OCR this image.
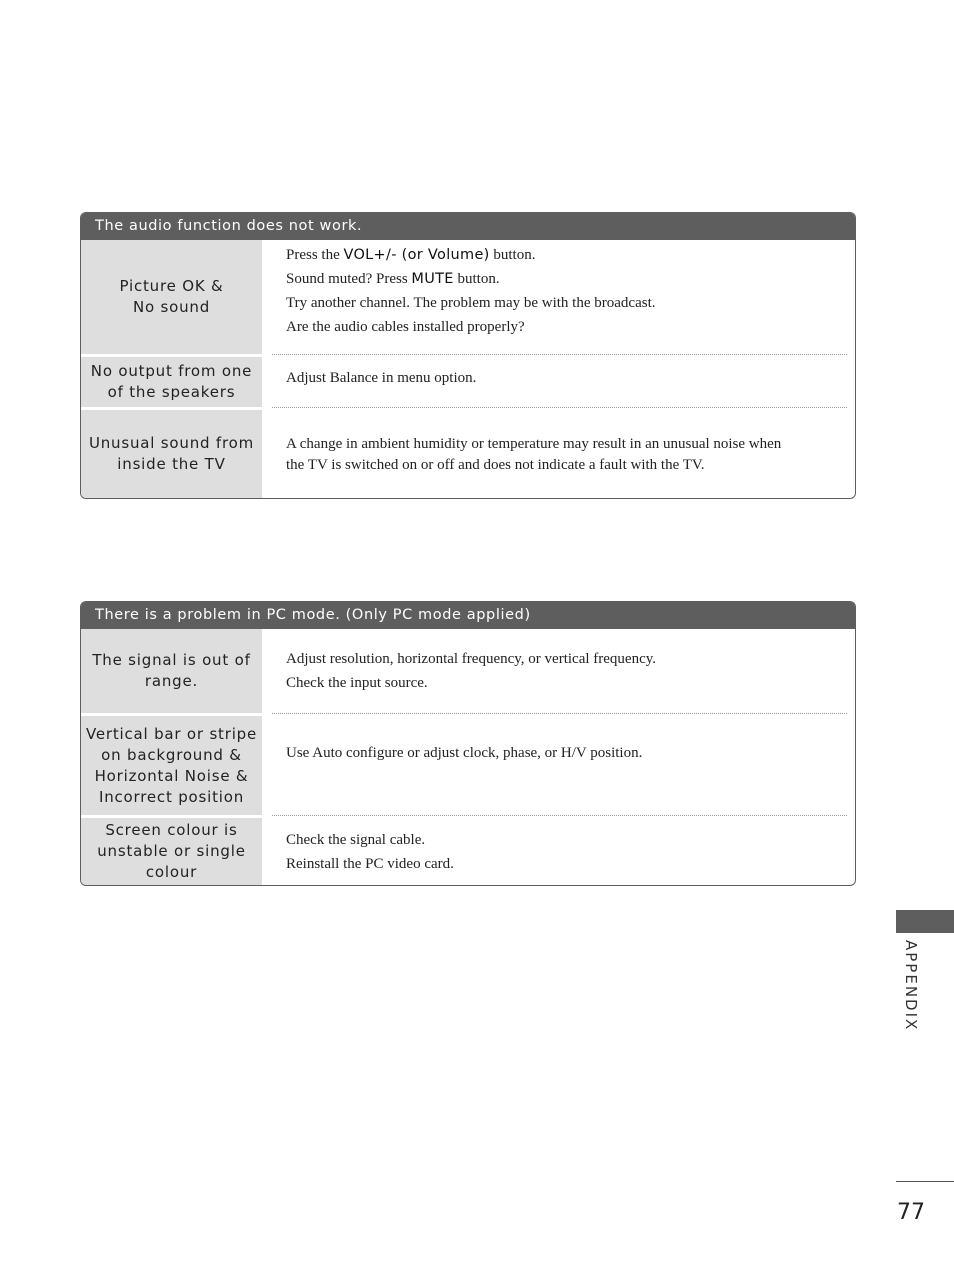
The audio function does not work.
Picture OK &
No sound

Press the VOL+/- (or Volume) button.

Sound muted? Press MUTE button.

Try another channel. The problem may be with the broadcast.

Are the audio cables installed properly?

No output from one
of the speakers

Adjust Balance in menu option.

Unusual sound from
inside the TV

A change in ambient humidity or temperature may result in an unusual noise when

the TV is switched on or off and does not indicate a fault with the TV.

There is a problem in PC mode. (Only PC mode applied)
The signal is out of
range.

Adjust resolution, horizontal frequency, or vertical frequency.

Check the input source.

Vertical bar or stripe
on background &
Horizontal Noise &
Incorrect position

Use Auto configure or adjust clock, phase, or H/V position.

Screen colour is
unstable or single
colour

Check the signal cable.

Reinstall the PC video card.

APPENDIX
77
